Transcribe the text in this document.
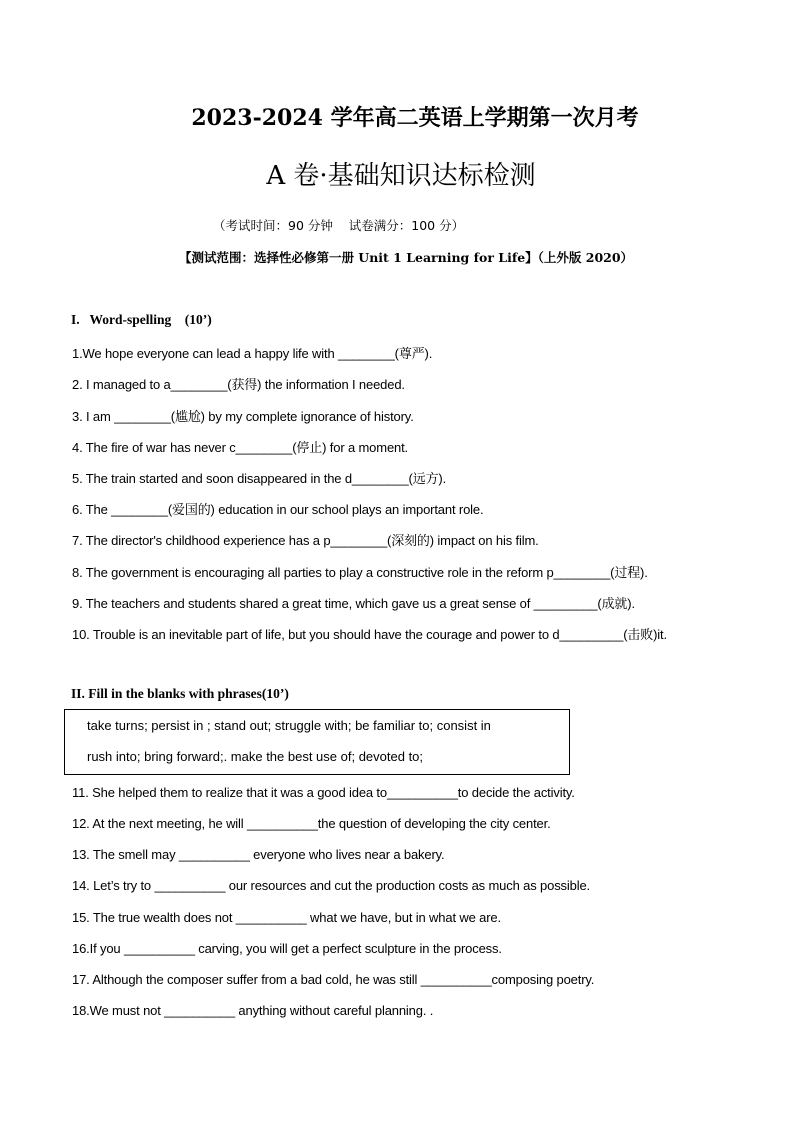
2023-2024 学年高二英语上学期第一次月考
A 卷·基础知识达标检测
（考试时间：90 分钟    试卷满分：100 分）
【测试范围：选择性必修第一册 Unit 1 Learning for Life】（上外版 2020）
I.   Word-spelling    (10’)
1.We hope everyone can lead a happy life with ________(尊严).
2. I managed to a________(获得) the information I needed.
3. I am ________(尴尬) by my complete ignorance of history.
4. The fire of war has never c________(停止) for a moment.
5. The train started and soon disappeared in the d________(远方).
6. The ________(爱国的) education in our school plays an important role.
7. The director's childhood experience has a p________(深刻的) impact on his film.
8. The government is encouraging all parties to play a constructive role in the reform p________(过程).
9. The teachers and students shared a great time, which gave us a great sense of _________(成就).
10. Trouble is an inevitable part of life, but you should have the courage and power to d_________(击败)it.
II. Fill in the blanks with phrases(10’)
take turns; persist in ; stand out; struggle with; be familiar to; consist in
rush into; bring forward;. make the best use of; devoted to;
11. She helped them to realize that it was a good idea to__________to decide the activity.
12. At the next meeting, he will __________the question of developing the city center.
13. The smell may __________ everyone who lives near a bakery.
14. Let’s try to __________ our resources and cut the production costs as much as possible.
15. The true wealth does not __________ what we have, but in what we are.
16.If you __________ carving, you will get a perfect sculpture in the process.
17. Although the composer suffer from a bad cold, he was still __________composing poetry.
18.We must not __________ anything without careful planning. .
